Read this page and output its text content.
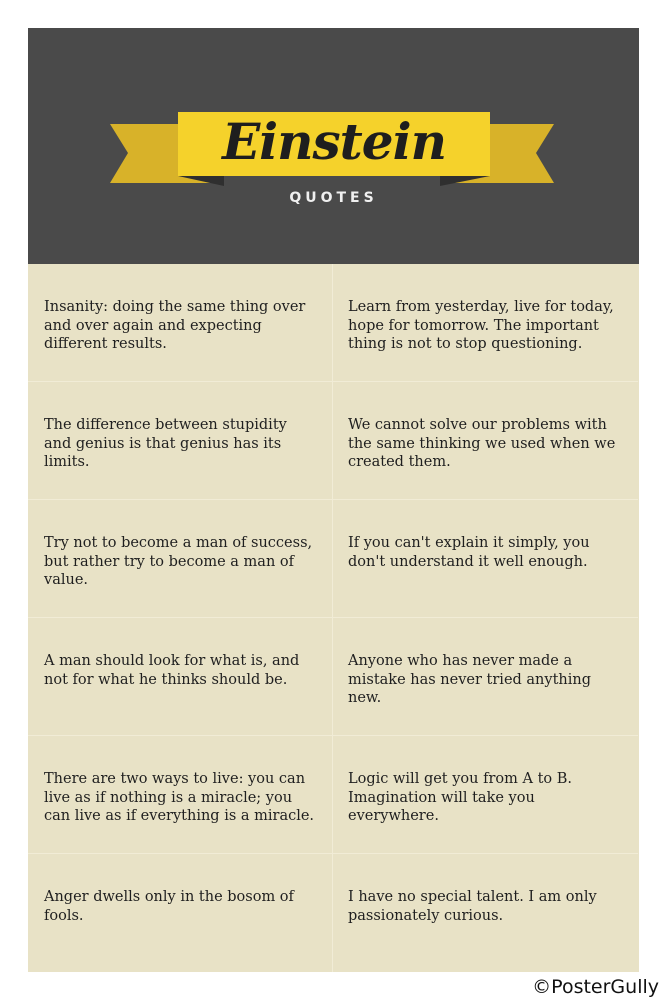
Einstein
QUOTES
Insanity: doing the same thing over and over again and expecting different results.
Learn from yesterday, live for today, hope for tomorrow. The important thing is not to stop questioning.
The difference between stupidity and genius is that genius has its limits.
We cannot solve our problems with the same thinking we used when we created them.
Try not to become a man of success, but rather try to become a man of value.
If you can't explain it simply, you don't understand it well enough.
A man should look for what is, and not for what he thinks should be.
Anyone who has never made a mistake has never tried anything new.
There are two ways to live: you can live as if nothing is a miracle; you can live as if everything is a miracle.
Logic will get you from A to B. Imagination will take you everywhere.
Anger dwells only in the bosom of fools.
I have no special talent. I am only passionately curious.
©PosterGully
